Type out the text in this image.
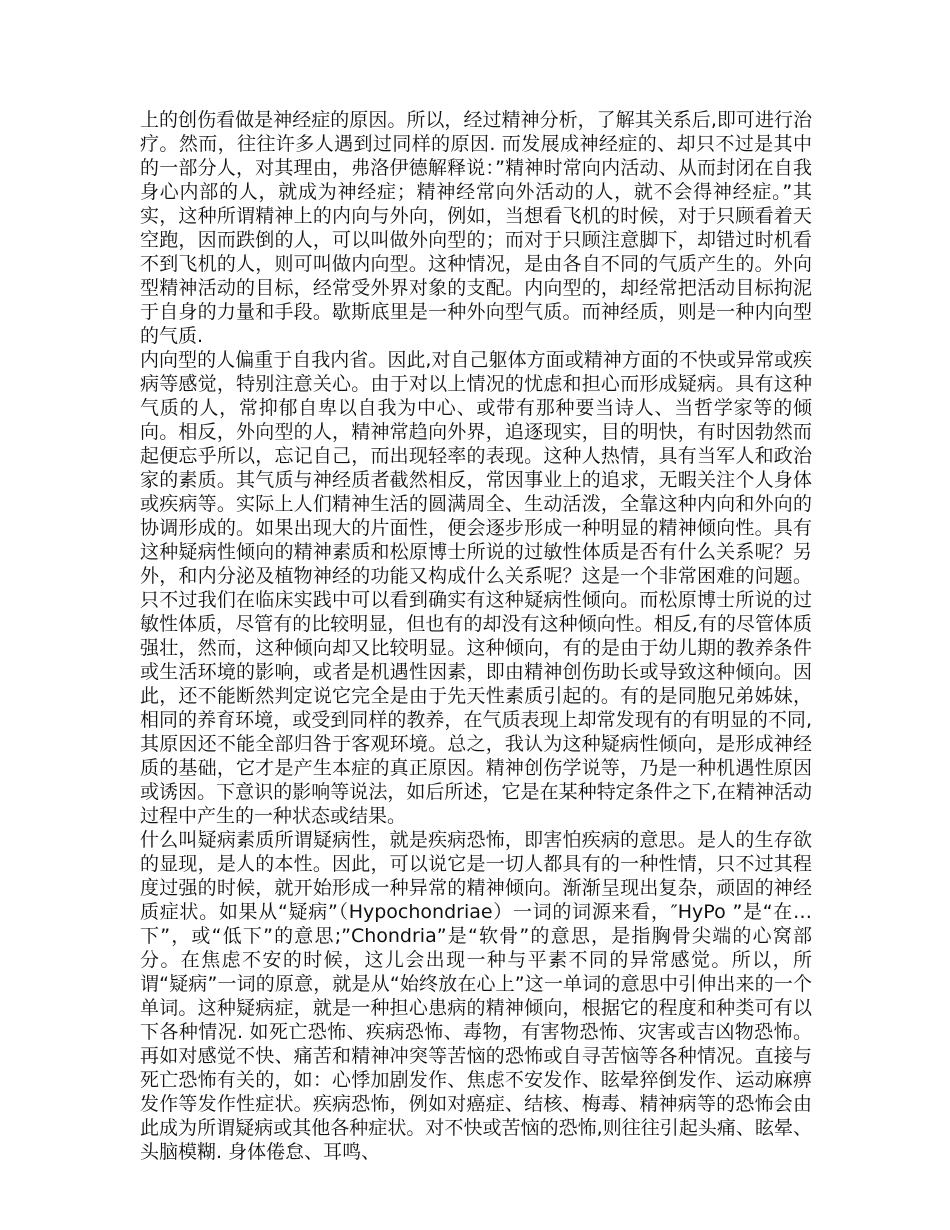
上的创伤看做是神经症的原因。所以，经过精神分析，了解其关系后,即可进行治疗。然而，往往许多人遇到过同样的原因. 而发展成神经症的、却只不过是其中的一部分人，对其理由，弗洛伊德解释说：”精神时常向内活动、从而封闭在自我身心内部的人，就成为神经症；精神经常向外活动的人，就不会得神经症。”其实，这种所谓精神上的内向与外向，例如，当想看飞机的时候，对于只顾看着天空跑，因而跌倒的人，可以叫做外向型的；而对于只顾注意脚下，却错过时机看不到飞机的人，则可叫做内向型。这种情况，是由各自不同的气质产生的。外向型精神活动的目标，经常受外界对象的支配。内向型的，却经常把活动目标拘泥于自身的力量和手段。歇斯底里是一种外向型气质。而神经质，则是一种内向型的气质.

内向型的人偏重于自我内省。因此,对自己躯体方面或精神方面的不快或异常或疾病等感觉，特别注意关心。由于对以上情况的忧虑和担心而形成疑病。具有这种气质的人，常抑郁自卑以自我为中心、或带有那种要当诗人、当哲学家等的倾向。相反，外向型的人，精神常趋向外界，追逐现实，目的明快，有时因勃然而起便忘乎所以，忘记自己，而出现轻率的表现。这种人热情，具有当军人和政治家的素质。其气质与神经质者截然相反，常因事业上的追求，无暇关注个人身体或疾病等。实际上人们精神生活的圆满周全、生动活泼，全靠这种内向和外向的协调形成的。如果出现大的片面性，便会逐步形成一种明显的精神倾向性。具有这种疑病性倾向的精神素质和松原博士所说的过敏性体质是否有什么关系呢？另外，和内分泌及植物神经的功能又构成什么关系呢？这是一个非常困难的问题。只不过我们在临床实践中可以看到确实有这种疑病性倾向。而松原博士所说的过敏性体质，尽管有的比较明显，但也有的却没有这种倾向性。相反,有的尽管体质强壮，然而，这种倾向却又比较明显。这种倾向，有的是由于幼儿期的教养条件或生活环境的影响，或者是机遇性因素，即由精神创伤助长或导致这种倾向。因此，还不能断然判定说它完全是由于先天性素质引起的。有的是同胞兄弟姊妹，相同的养育环境，或受到同样的教养，在气质表现上却常发现有的有明显的不同,其原因还不能全部归咎于客观环境。总之，我认为这种疑病性倾向，是形成神经质的基础，它才是产生本症的真正原因。精神创伤学说等，乃是一种机遇性原因或诱因。下意识的影响等说法，如后所述，它是在某种特定条件之下,在精神活动过程中产生的一种状态或结果。

什么叫疑病素质所谓疑病性，就是疾病恐怖，即害怕疾病的意思。是人的生存欲的显现，是人的本性。因此，可以说它是一切人都具有的一种性情，只不过其程度过强的时候，就开始形成一种异常的精神倾向。渐渐呈现出复杂，顽固的神经质症状。如果从“疑病”（Hypochondriae）一词的词源来看，″HyPo ”是“在… 下”，或“低下”的意思;”Chondria”是“软骨”的意思，是指胸骨尖端的心窝部分。在焦虑不安的时候，这儿会出现一种与平素不同的异常感觉。所以，所谓“疑病”一词的原意，就是从“始终放在心上”这一单词的意思中引伸出来的一个单词。这种疑病症，就是一种担心患病的精神倾向，根据它的程度和种类可有以下各种情况. 如死亡恐怖、疾病恐怖、毒物，有害物恐怖、灾害或吉凶物恐怖。再如对感觉不快、痛苦和精神冲突等苦恼的恐怖或自寻苦恼等各种情况。直接与死亡恐怖有关的，如：心悸加剧发作、焦虑不安发作、眩晕猝倒发作、运动麻痹发作等发作性症状。疾病恐怖，例如对癌症、结核、梅毒、精神病等的恐怖会由此成为所谓疑病或其他各种症状。对不快或苦恼的恐怖,则往往引起头痛、眩晕、头脑模糊. 身体倦怠、耳鸣、
